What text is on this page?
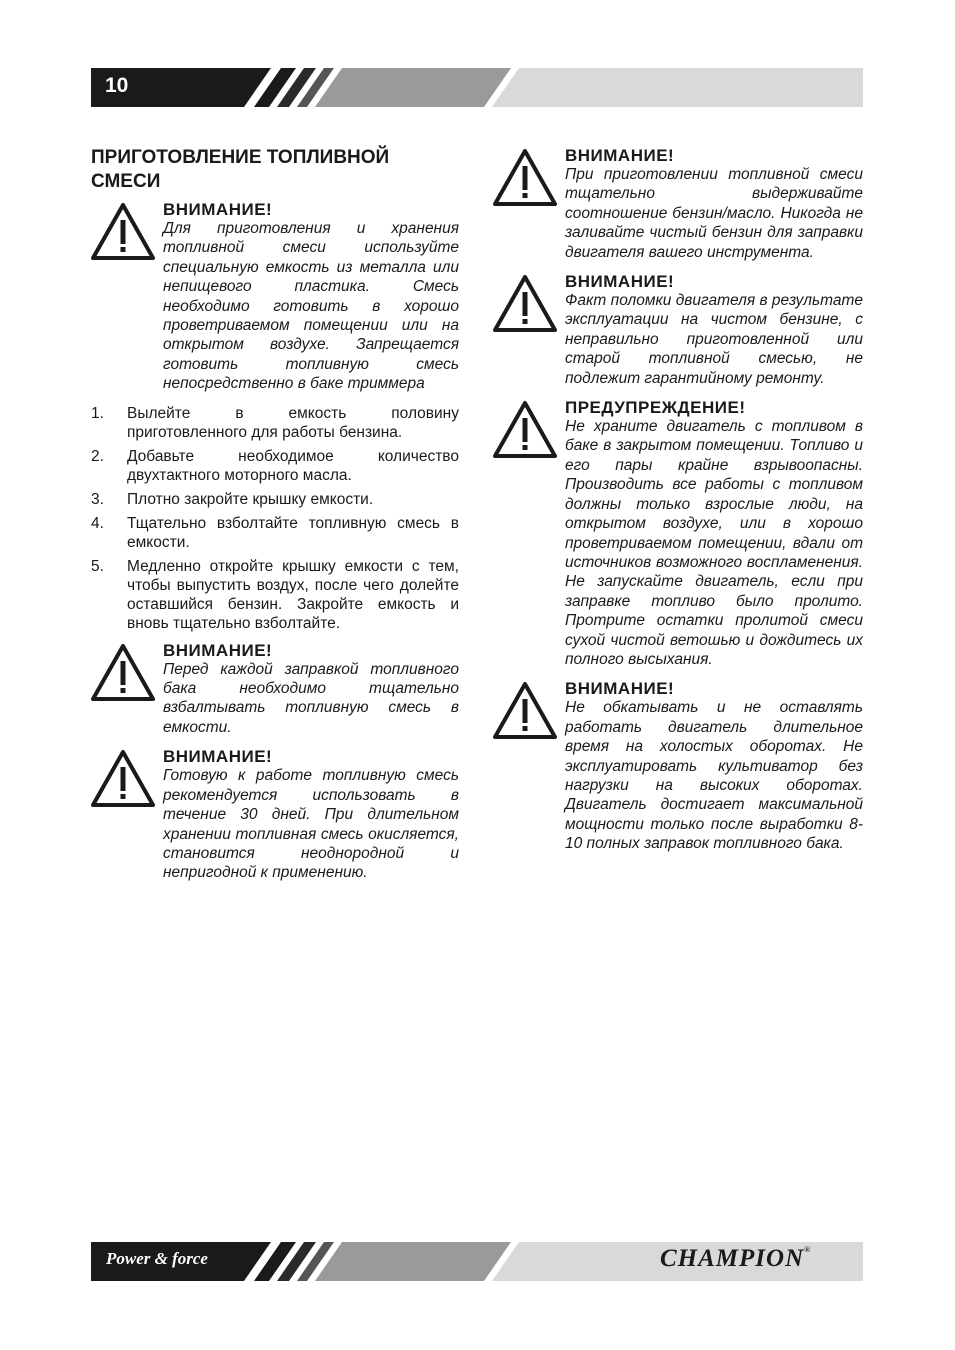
10
ПРИГОТОВЛЕНИЕ ТОПЛИВНОЙ СМЕСИ
ВНИМАНИЕ!
Для приготовления и хранения топливной смеси используйте специальную емкость из металла или непищевого пластика. Смесь необходимо готовить в хорошо проветриваемом помещении или на открытом воздухе. Запрещается готовить топливную смесь непосредственно в баке триммера
1. Вылейте в емкость половину приготовленного для работы бензина.
2. Добавьте необходимое количество двухтактного моторного масла.
3. Плотно закройте крышку емкости.
4. Тщательно взболтайте топливную смесь в емкости.
5. Медленно откройте крышку емкости с тем, чтобы выпустить воздух, после чего долейте оставшийся бензин. Закройте емкость и вновь тщательно взболтайте.
ВНИМАНИЕ!
Перед каждой заправкой топливного бака необходимо тщательно взбалтывать топливную смесь в емкости.
ВНИМАНИЕ!
Готовую к работе топливную смесь рекомендуется использовать в течение 30 дней. При длительном хранении топливная смесь окисляется, становится неоднородной и непригодной к применению.
ВНИМАНИЕ!
При приготовлении топливной смеси тщательно выдерживайте соотношение бензин/масло. Никогда не заливайте чистый бензин для заправки двигателя вашего инструмента.
ВНИМАНИЕ!
Факт поломки двигателя в результате эксплуатации на чистом бензине, с неправильно приготовленной или старой топливной смесью, не подлежит гарантийному ремонту.
ПРЕДУПРЕЖДЕНИЕ!
Не храните двигатель с топливом в баке в закрытом помещении. Топливо и его пары крайне взрывоопасны. Производить все работы с топливом должны только взрослые люди, на открытом воздухе, или в хорошо проветриваемом помещении, вдали от источников возможного воспламенения. Не запускайте двигатель, если при заправке топливо было пролито. Протрите остатки пролитой смеси сухой чистой ветошью и дождитесь их полного высыхания.
ВНИМАНИЕ!
Не обкатывать и не оставлять работать двигатель длительное время на холостых оборотах. Не эксплуатировать культиватор без нагрузки на высоких оборотах. Двигатель достигает максимальной мощности только после выработки 8-10 полных заправок топливного бака.
Power & force	CHAMPION®
